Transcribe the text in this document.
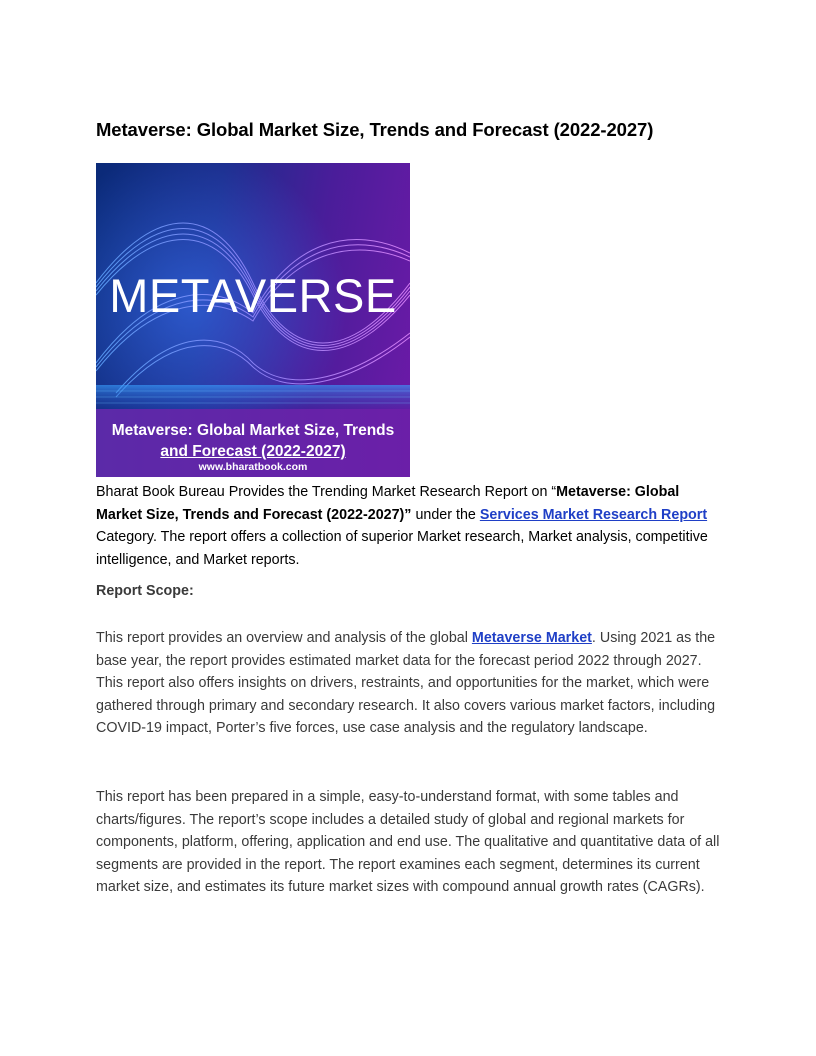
Metaverse: Global Market Size, Trends and Forecast (2022-2027)
METAVERSE
Metaverse: Global Market Size, Trends
and Forecast (2022-2027)
www.bharatbook.com

Bharat Book Bureau Provides the Trending Market Research Report on “Metaverse: Global Market Size, Trends and Forecast (2022-2027)” under the Services Market Research Report Category. The report offers a collection of superior Market research, Market analysis, competitive intelligence, and Market reports.

Report Scope:

This report provides an overview and analysis of the global Metaverse Market. Using 2021 as the base year, the report provides estimated market data for the forecast period 2022 through 2027. This report also offers insights on drivers, restraints, and opportunities for the market, which were gathered through primary and secondary research. It also covers various market factors, including COVID-19 impact, Porter’s five forces, use case analysis and the regulatory landscape.

This report has been prepared in a simple, easy-to-understand format, with some tables and charts/figures. The report’s scope includes a detailed study of global and regional markets for components, platform, offering, application and end use. The qualitative and quantitative data of all segments are provided in the report. The report examines each segment, determines its current market size, and estimates its future market sizes with compound annual growth rates (CAGRs).
